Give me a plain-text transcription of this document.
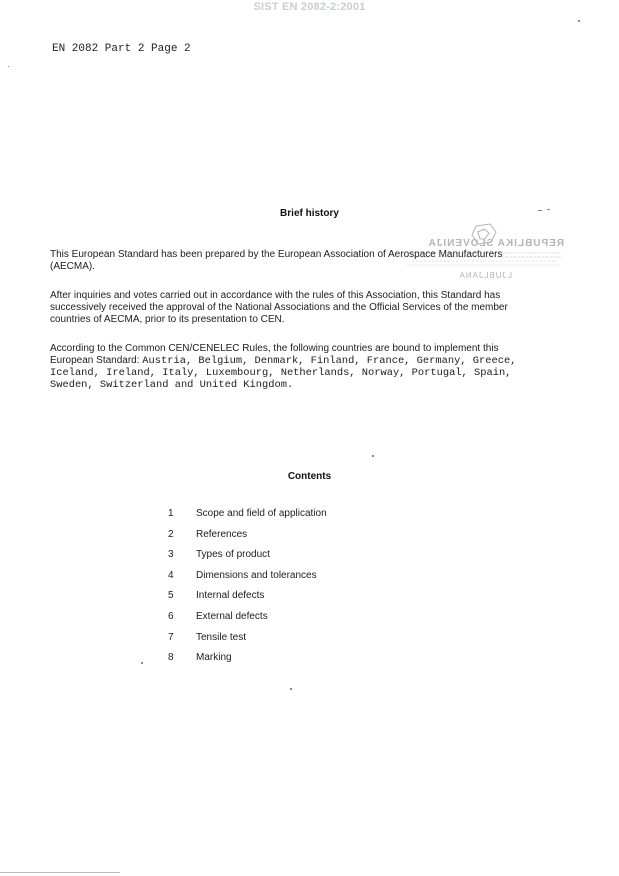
SIST EN 2082-2:2001
EN 2082 Part 2 Page 2
Brief history
REPUBLIKA SLOVENIJA
LJUBLJANA
This European Standard has been prepared by the European Association of Aerospace Manufacturers
(AECMA).
After inquiries and votes carried out in accordance with the rules of this Association, this Standard has
successively received the approval of the National Associations and the Official Services of the member
countries of AECMA, prior to its presentation to CEN.
According to the Common CEN/CENELEC Rules, the following countries are bound to implement this
European Standard: Austria, Belgium, Denmark, Finland, France, Germany, Greece,
Iceland, Ireland, Italy, Luxembourg, Netherlands, Norway, Portugal, Spain,
Sweden, Switzerland and United Kingdom.
Contents
1	Scope and field of application
2	References
3	Types of product
4	Dimensions and tolerances
5	Internal defects
6	External defects
7	Tensile test
8	Marking
